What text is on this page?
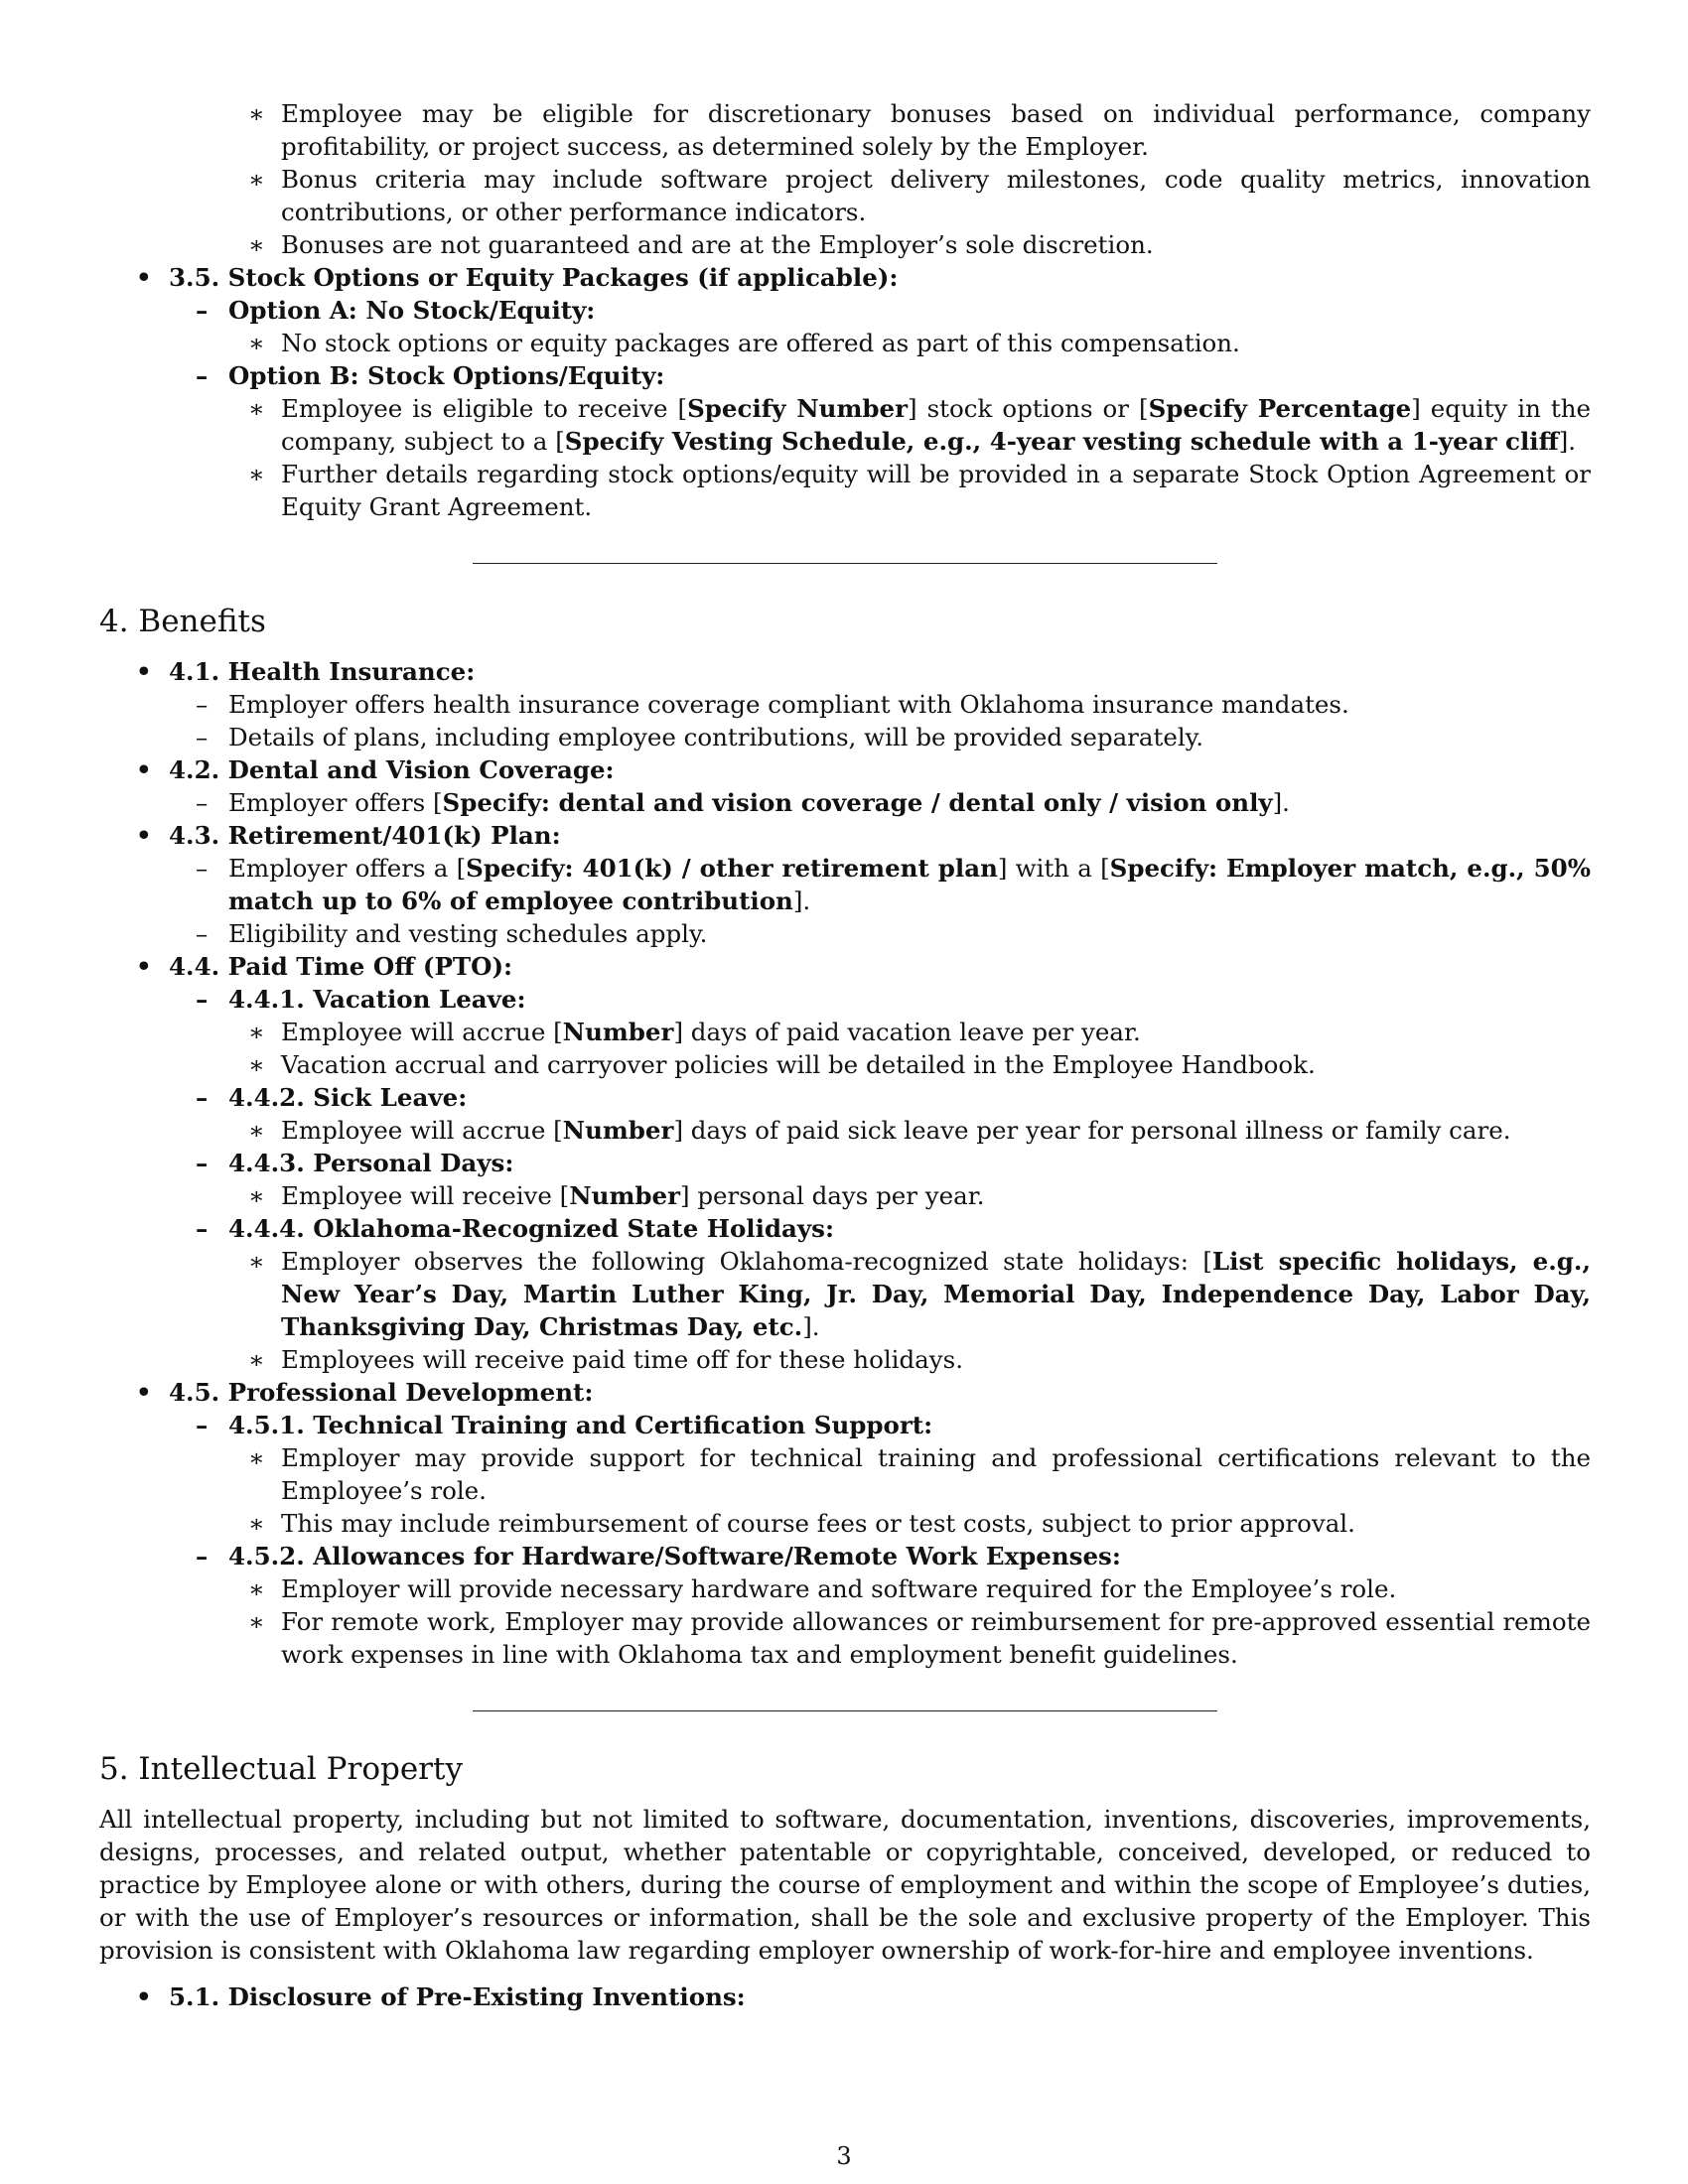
∗ Employee may be eligible for discretionary bonuses based on individual performance, company profitability, or project success, as determined solely by the Employer.
∗ Bonus criteria may include software project delivery milestones, code quality metrics, innovation contributions, or other performance indicators.
∗ Bonuses are not guaranteed and are at the Employer’s sole discretion.
• 3.5. Stock Options or Equity Packages (if applicable):
– Option A: No Stock/Equity:
∗ No stock options or equity packages are offered as part of this compensation.
– Option B: Stock Options/Equity:
∗ Employee is eligible to receive [Specify Number] stock options or [Specify Percentage] equity in the company, subject to a [Specify Vesting Schedule, e.g., 4-year vesting schedule with a 1-year cliff].
∗ Further details regarding stock options/equity will be provided in a separate Stock Option Agreement or Equity Grant Agreement.
4. Benefits
• 4.1. Health Insurance:
– Employer offers health insurance coverage compliant with Oklahoma insurance mandates.
– Details of plans, including employee contributions, will be provided separately.
• 4.2. Dental and Vision Coverage:
– Employer offers [Specify: dental and vision coverage / dental only / vision only].
• 4.3. Retirement/401(k) Plan:
– Employer offers a [Specify: 401(k) / other retirement plan] with a [Specify: Employer match, e.g., 50% match up to 6% of employee contribution].
– Eligibility and vesting schedules apply.
• 4.4. Paid Time Off (PTO):
– 4.4.1. Vacation Leave:
∗ Employee will accrue [Number] days of paid vacation leave per year.
∗ Vacation accrual and carryover policies will be detailed in the Employee Handbook.
– 4.4.2. Sick Leave:
∗ Employee will accrue [Number] days of paid sick leave per year for personal illness or family care.
– 4.4.3. Personal Days:
∗ Employee will receive [Number] personal days per year.
– 4.4.4. Oklahoma-Recognized State Holidays:
∗ Employer observes the following Oklahoma-recognized state holidays: [List specific holidays, e.g., New Year’s Day, Martin Luther King, Jr. Day, Memorial Day, Independence Day, Labor Day, Thanksgiving Day, Christmas Day, etc.].
∗ Employees will receive paid time off for these holidays.
• 4.5. Professional Development:
– 4.5.1. Technical Training and Certification Support:
∗ Employer may provide support for technical training and professional certifications relevant to the Employee’s role.
∗ This may include reimbursement of course fees or test costs, subject to prior approval.
– 4.5.2. Allowances for Hardware/Software/Remote Work Expenses:
∗ Employer will provide necessary hardware and software required for the Employee’s role.
∗ For remote work, Employer may provide allowances or reimbursement for pre-approved essential remote work expenses in line with Oklahoma tax and employment benefit guidelines.
5. Intellectual Property
All intellectual property, including but not limited to software, documentation, inventions, discoveries, improvements, designs, processes, and related output, whether patentable or copyrightable, conceived, developed, or reduced to practice by Employee alone or with others, during the course of employment and within the scope of Employee’s duties, or with the use of Employer’s resources or information, shall be the sole and exclusive property of the Employer. This provision is consistent with Oklahoma law regarding employer ownership of work-for-hire and employee inventions.
• 5.1. Disclosure of Pre-Existing Inventions:
3
